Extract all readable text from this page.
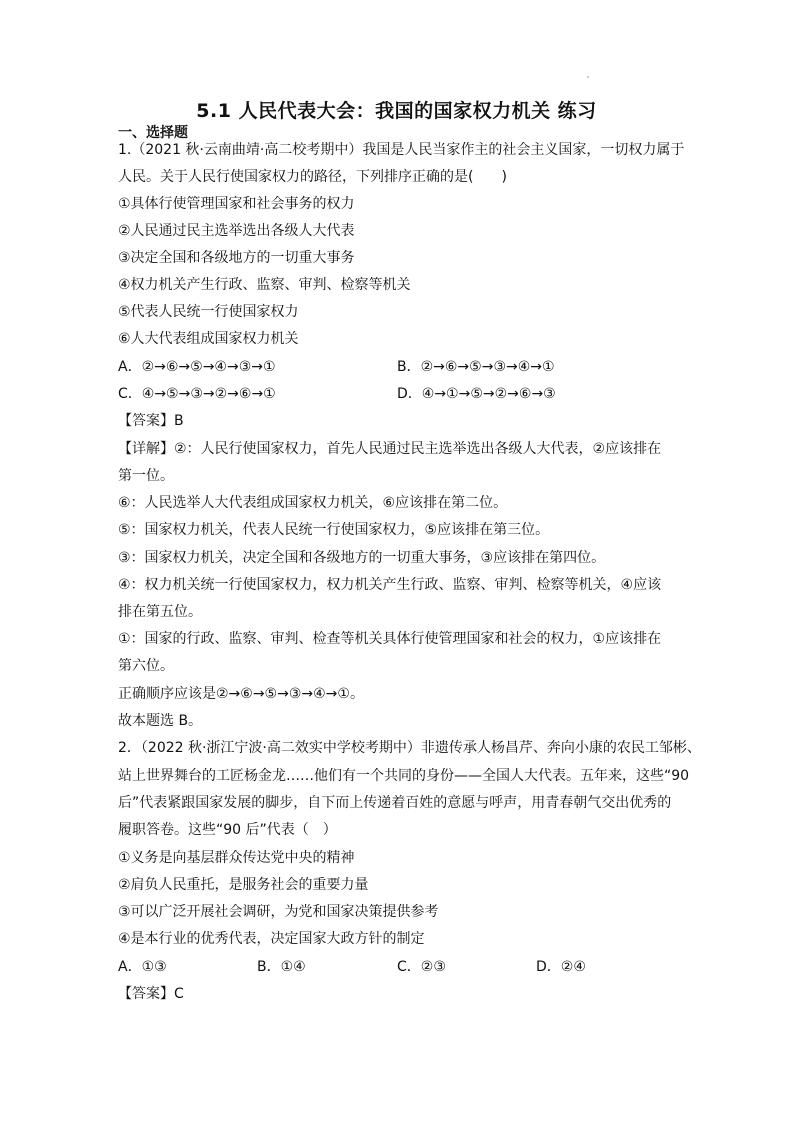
5.1 人民代表大会：我国的国家权力机关 练习
一、选择题
1.（2021 秋·云南曲靖·高二校考期中）我国是人民当家作主的社会主义国家，一切权力属于
人民。关于人民行使国家权力的路径，下列排序正确的是(　　)
①具体行使管理国家和社会事务的权力
②人民通过民主选举选出各级人大代表
③决定全国和各级地方的一切重大事务
④权力机关产生行政、监察、审判、检察等机关
⑤代表人民统一行使国家权力
⑥人大代表组成国家权力机关
A．②→⑥→⑤→④→③→①	B．②→⑥→⑤→③→④→①
C．④→⑤→③→②→⑥→①	D．④→①→⑤→②→⑥→③
【答案】B
【详解】②：人民行使国家权力，首先人民通过民主选举选出各级人大代表，②应该排在
第一位。
⑥：人民选举人大代表组成国家权力机关，⑥应该排在第二位。
⑤：国家权力机关，代表人民统一行使国家权力，⑤应该排在第三位。
③：国家权力机关，决定全国和各级地方的一切重大事务，③应该排在第四位。
④：权力机关统一行使国家权力，权力机关产生行政、监察、审判、检察等机关，④应该
排在第五位。
①：国家的行政、监察、审判、检查等机关具体行使管理国家和社会的权力，①应该排在
第六位。
正确顺序应该是②→⑥→⑤→③→④→①。
故本题选 B。
2．（2022 秋·浙江宁波·高二效实中学校考期中）非遗传承人杨昌芹、奔向小康的农民工邹彬、
站上世界舞台的工匠杨金龙……他们有一个共同的身份——全国人大代表。五年来，这些“90
后”代表紧跟国家发展的脚步，自下而上传递着百姓的意愿与呼声，用青春朝气交出优秀的
履职答卷。这些“90 后”代表（　）
①义务是向基层群众传达党中央的精神
②肩负人民重托，是服务社会的重要力量
③可以广泛开展社会调研，为党和国家决策提供参考
④是本行业的优秀代表，决定国家大政方针的制定
A．①③	B．①④	C．②③	D．②④
【答案】C
